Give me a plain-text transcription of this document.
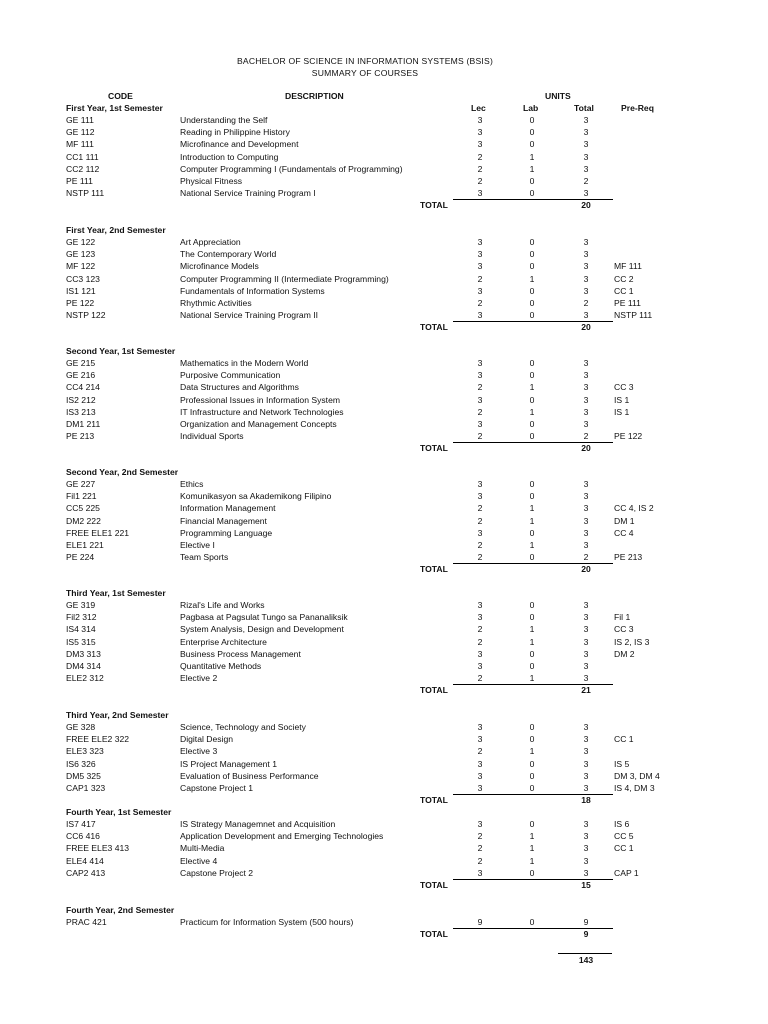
BACHELOR OF SCIENCE IN INFORMATION SYSTEMS (BSIS)
SUMMARY OF COURSES
CODE	DESCRIPTION	UNITS
Lec	Lab	Total	Pre-Req
First Year, 1st Semester
GE 111	Understanding the Self	3	0	3
GE 112	Reading in Philippine History	3	0	3
MF 111	Microfinance and Development	3	0	3
CC1 111	Introduction to Computing	2	1	3
CC2 112	Computer Programming I (Fundamentals of Programming)	2	1	3
PE 111	Physical Fitness	2	0	2
NSTP 111	National Service Training Program I	3	0	3
TOTAL	20
First Year, 2nd Semester
GE 122	Art Appreciation	3	0	3
GE 123	The Contemporary World	3	0	3
MF 122	Microfinance Models	3	0	3	MF 111
CC3 123	Computer Programming II (Intermediate Programming)	2	1	3	CC 2
IS1 121	Fundamentals of Information Systems	3	0	3	CC 1
PE 122	Rhythmic Activities	2	0	2	PE 111
NSTP 122	National Service Training Program II	3	0	3	NSTP 111
TOTAL	20
Second Year, 1st Semester
GE 215	Mathematics in the Modern World	3	0	3
GE 216	Purposive Communication	3	0	3
CC4 214	Data Structures and Algorithms	2	1	3	CC 3
IS2 212	Professional Issues in Information System	3	0	3	IS 1
IS3 213	IT Infrastructure and Network Technologies	2	1	3	IS 1
DM1 211	Organization and Management Concepts	3	0	3
PE 213	Individual Sports	2	0	2	PE 122
TOTAL	20
Second Year, 2nd Semester
GE 227	Ethics	3	0	3
Fil1 221	Komunikasyon sa Akademikong Filipino	3	0	3
CC5 225	Information Management	2	1	3	CC 4, IS 2
DM2 222	Financial Management	2	1	3	DM 1
FREE ELE1 221	Programming Language	3	0	3	CC 4
ELE1 221	Elective I	2	1	3
PE 224	Team Sports	2	0	2	PE 213
TOTAL	20
Third Year, 1st Semester
GE 319	Rizal's Life and Works	3	0	3
Fil2 312	Pagbasa at Pagsulat Tungo sa Pananaliksik	3	0	3	Fil 1
IS4 314	System Analysis, Design and Development	2	1	3	CC 3
IS5 315	Enterprise Architecture	2	1	3	IS 2, IS 3
DM3 313	Business Process Management	3	0	3	DM 2
DM4 314	Quantitative Methods	3	0	3
ELE2 312	Elective 2	2	1	3
TOTAL	21
Third Year, 2nd Semester
GE 328	Science, Technology and Society	3	0	3
FREE ELE2 322	Digital Design	3	0	3	CC 1
ELE3 323	Elective 3	2	1	3
IS6 326	IS Project Management 1	3	0	3	IS 5
DM5 325	Evaluation of Business Performance	3	0	3	DM 3, DM 4
CAP1 323	Capstone Project 1	3	0	3	IS 4, DM 3
TOTAL	18
Fourth Year, 1st Semester
IS7 417	IS Strategy Managemnet and Acquisition	3	0	3	IS 6
CC6 416	Application Development and Emerging Technologies	2	1	3	CC 5
FREE ELE3 413	Multi-Media	2	1	3	CC 1
ELE4 414	Elective 4	2	1	3
CAP2 413	Capstone Project 2	3	0	3	CAP 1
TOTAL	15
Fourth Year, 2nd Semester
PRAC 421	Practicum for Information System (500 hours)	9	0	9
TOTAL	9
143
